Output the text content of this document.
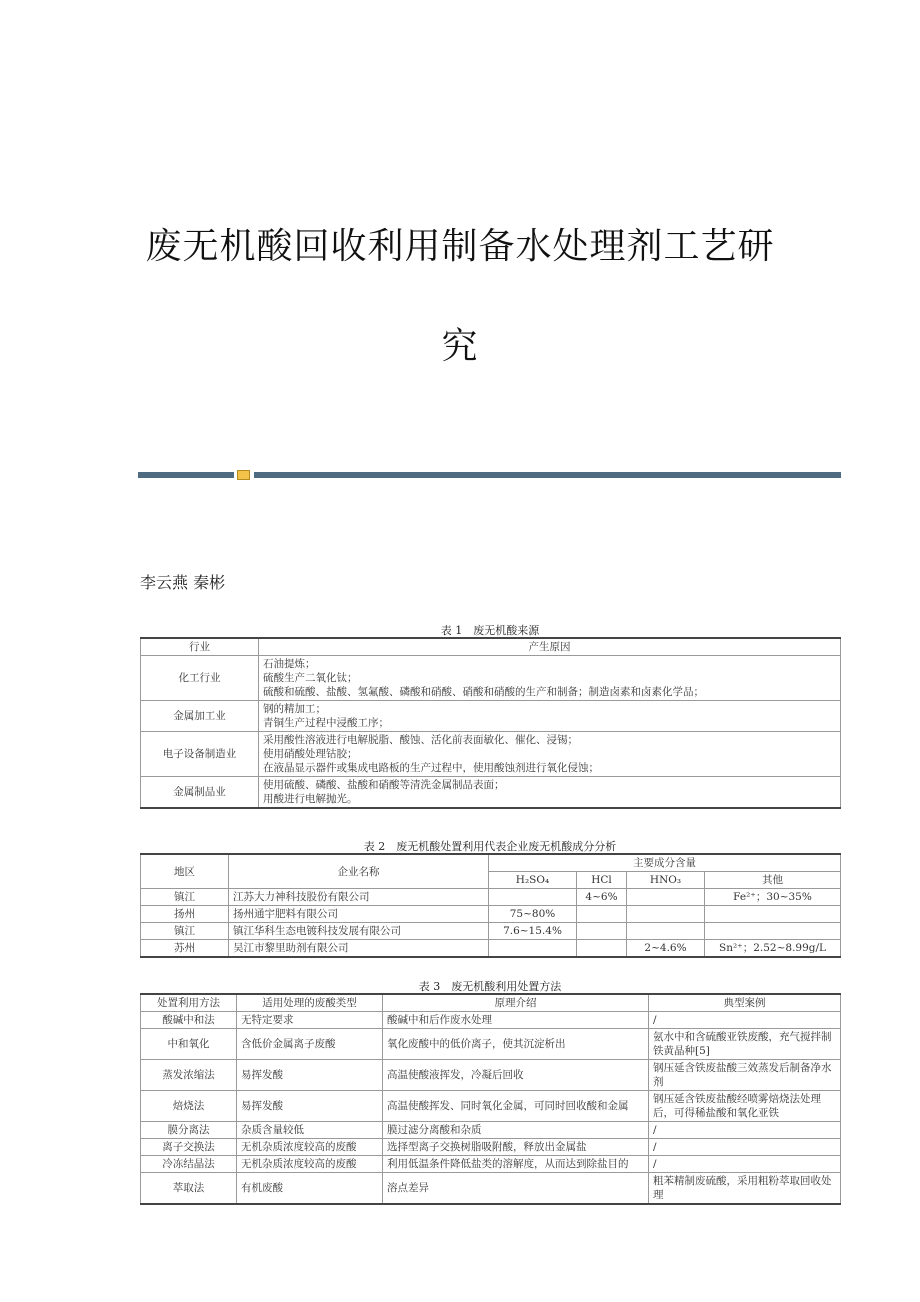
废无机酸回收利用制备水处理剂工艺研
究
李云燕 秦彬
表 1　废无机酸来源
行业	产生原因
化工行业	石油提炼；
硫酸生产二氧化钛；
硫酸和硫酸、盐酸、氢氟酸、磷酸和硝酸、硝酸和硝酸的生产和制备；制造卤素和卤素化学品；

金属加工业	钢的精加工；
青铜生产过程中浸酸工序；

电子设备制造业	采用酸性溶液进行电解脱脂、酸蚀、活化前表面敏化、催化、浸锡；
使用硝酸处理钴胶；
在液晶显示器件或集成电路板的生产过程中，使用酸蚀剂进行氧化侵蚀；

金属制品业	使用硫酸、磷酸、盐酸和硝酸等清洗金属制品表面；
用酸进行电解抛光。
表 2　废无机酸处置利用代表企业废无机酸成分分析
地区	企业名称	主要成分含量			
		H₂SO₄	HCl	HNO₃	其他
镇江	江苏大力神科技股份有限公司		4~6%		Fe²⁺；30~35%
扬州	扬州通宇肥料有限公司	75~80%			
镇江	镇江华科生态电镀科技发展有限公司	7.6~15.4%			
苏州	吴江市黎里助剂有限公司			2~4.6%	Sn²⁺；2.52~8.99g/L
表 3　废无机酸利用处置方法
处置利用方法	适用处理的废酸类型	原理介绍	典型案例
酸碱中和法	无特定要求	酸碱中和后作废水处理	/
中和氧化	含低价金属离子废酸	氧化废酸中的低价离子，使其沉淀析出	氨水中和含硫酸亚铁废酸，充气搅拌制铁黄晶种[5]
蒸发浓缩法	易挥发酸	高温使酸液挥发，冷凝后回收	钢压延含铁废盐酸三效蒸发后制备净水剂
焙烧法	易挥发酸	高温使酸挥发、同时氧化金属，可同时回收酸和金属	钢压延含铁废盐酸经喷雾焙烧法处理后，可得稀盐酸和氧化亚铁
膜分离法	杂质含量较低	膜过滤分离酸和杂质	/
离子交换法	无机杂质浓度较高的废酸	选择型离子交换树脂吸附酸，释放出金属盐	/
冷冻结晶法	无机杂质浓度较高的废酸	利用低温条件降低盐类的溶解度，从而达到除盐目的	/
萃取法	有机废酸	溶点差异	粗苯精制废硫酸，采用粗粉萃取回收处理
